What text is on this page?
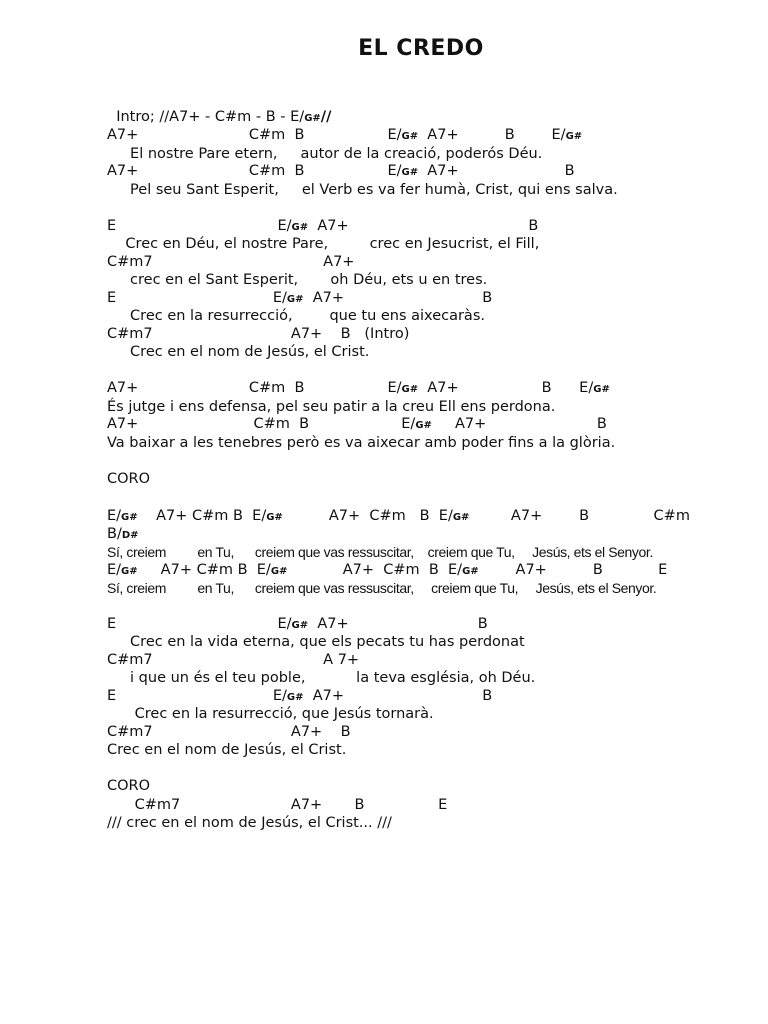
EL CREDO

Intro; //A7+ - C#m - B - E/G#//

A7+                        C#m  B                  E/G#  A7+          B        E/G#
El nostre Pare etern,     autor de la creació, poderós Déu.
A7+                        C#m  B                  E/G#  A7+                       B
Pel seu Sant Esperit,     el Verb es va fer humà, Crist, qui ens salva.
E                                   E/G#  A7+                                       B
Crec en Déu, el nostre Pare,         crec en Jesucrist, el Fill,
C#m7                                     A7+
crec en el Sant Esperit,       oh Déu, ets u en tres.
E                                  E/G#  A7+                              B
Crec en la resurrecció,        que tu ens aixecaràs.
C#m7                              A7+    B   (Intro)
Crec en el nom de Jesús, el Crist.
A7+                        C#m  B                  E/G#  A7+                  B      E/G#
És jutge i ens defensa, pel seu patir a la creu Ell ens perdona.
A7+                         C#m  B                    E/G#     A7+                        B
Va baixar a les tenebres però es va aixecar amb poder fins a la glòria.
CORO
E/G#    A7+ C#m B  E/G#          A7+  C#m   B  E/G#         A7+        B              C#m
B/D#
Sí, creiem         en Tu,      creiem que vas ressuscitar,    creiem que Tu,     Jesús, ets el Senyor.
E/G#     A7+ C#m B  E/G#            A7+  C#m  B  E/G#        A7+          B            E
Sí, creiem         en Tu,      creiem que vas ressuscitar,     creiem que Tu,     Jesús, ets el Senyor.
E                                   E/G#  A7+                            B
Crec en la vida eterna, que els pecats tu has perdonat
C#m7                                     A 7+
i que un és el teu poble,           la teva església, oh Déu.
E                                  E/G#  A7+                              B
Crec en la resurrecció, que Jesús tornarà.
C#m7                              A7+    B
Crec en el nom de Jesús, el Crist.
CORO
C#m7                        A7+       B                E
/// crec en el nom de Jesús, el Crist... ///
